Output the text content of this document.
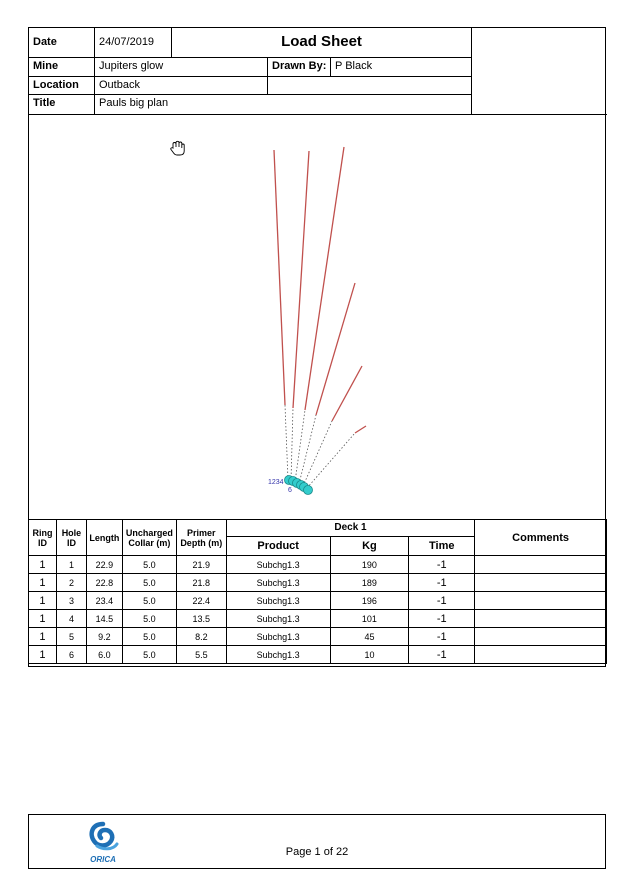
Date	24/07/2019	Load Sheet
Mine	Jupiters glow	Drawn By: P Black
Location	Outback
Title	Pauls big plan
1234
6
Ring ID	Hole ID	Length	Uncharged Collar (m)	Primer Depth (m)	Deck 1			Comments
					Product	Kg	Time	
1	1	22.9	5.0	21.9	Subchg1.3	190	-1	
1	2	22.8	5.0	21.8	Subchg1.3	189	-1	
1	3	23.4	5.0	22.4	Subchg1.3	196	-1	
1	4	14.5	5.0	13.5	Subchg1.3	101	-1	
1	5	9.2	5.0	8.2	Subchg1.3	45	-1	
1	6	6.0	5.0	5.5	Subchg1.3	10	-1	
ORICA
Page 1 of 22
